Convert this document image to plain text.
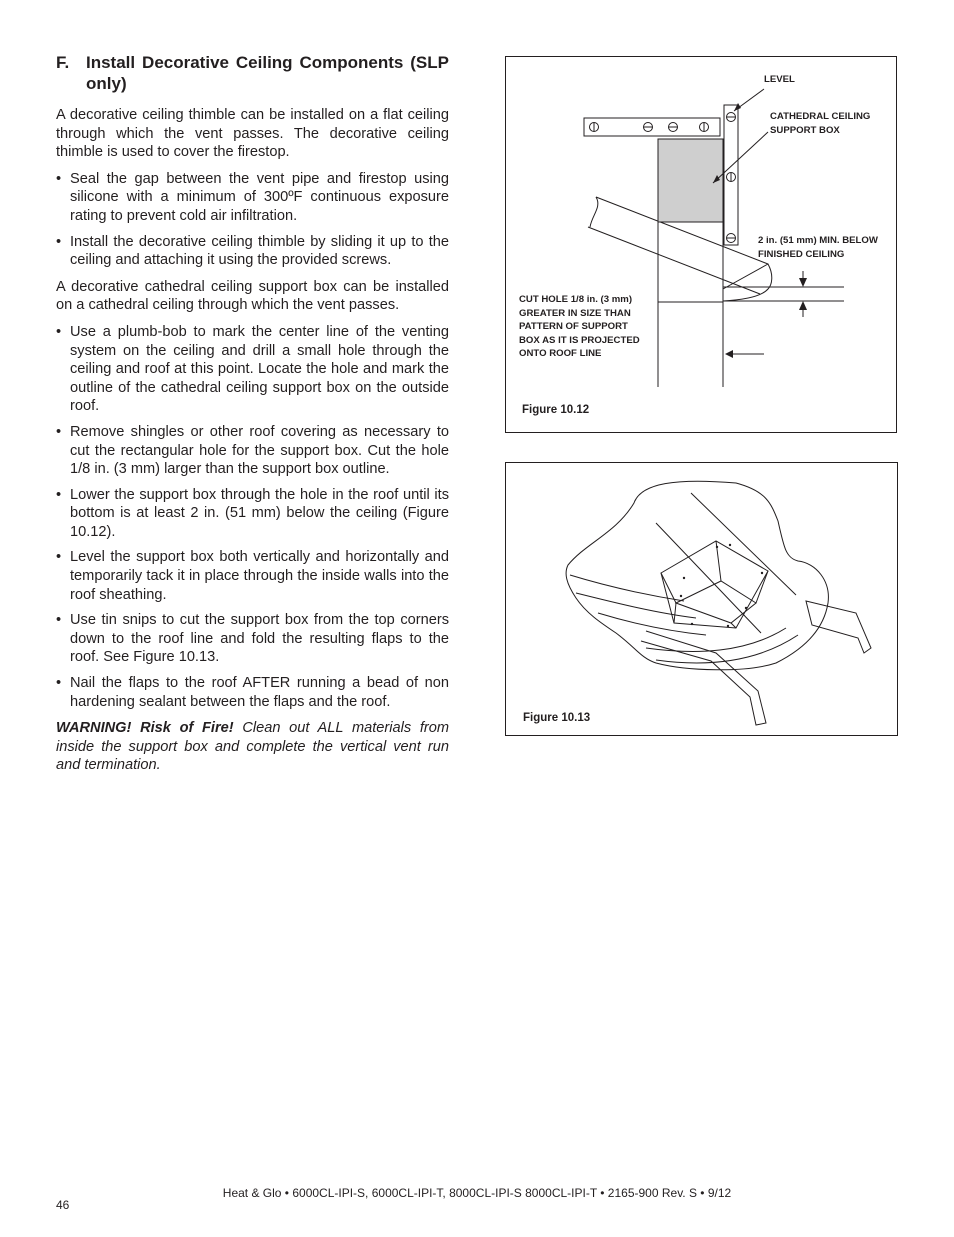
F. Install Decorative Ceiling Components (SLP only)

A decorative ceiling thimble can be installed on a flat ceiling through which the vent passes. The decorative ceiling thimble is used to cover the firestop.

• Seal the gap between the vent pipe and firestop using silicone with a minimum of 300ºF continuous exposure rating to prevent cold air infiltration.
• Install the decorative ceiling thimble by sliding it up to the ceiling and attaching it using the provided screws.

A decorative cathedral ceiling support box can be installed on a cathedral ceiling through which the vent passes.

• Use a plumb-bob to mark the center line of the venting system on the ceiling and drill a small hole through the ceiling and roof at this point. Locate the hole and mark the outline of the cathedral ceiling support box on the outside roof.
• Remove shingles or other roof covering as necessary to cut the rectangular hole for the support box. Cut the hole 1/8 in. (3 mm) larger than the support box outline.
• Lower the support box through the hole in the roof until its bottom is at least 2 in. (51 mm) below the ceiling (Figure 10.12).
• Level the support box both vertically and horizontally and temporarily tack it in place through the inside walls into the roof sheathing.
• Use tin snips to cut the support box from the top corners down to the roof line and fold the resulting flaps to the roof. See Figure 10.13.
• Nail the flaps to the roof AFTER running a bead of non hardening sealant between the flaps and the roof.
WARNING! Risk of Fire! Clean out ALL materials from inside the support box and complete the vertical vent run and termination.
LEVEL
CATHEDRAL CEILING
SUPPORT BOX
2 in. (51 mm) MIN. BELOW
FINISHED CEILING
CUT HOLE 1/8 in. (3 mm)
GREATER IN SIZE THAN
PATTERN OF SUPPORT
BOX AS IT IS PROJECTED
ONTO ROOF LINE
Figure 10.12
Figure 10.13
Heat & Glo • 6000CL-IPI-S, 6000CL-IPI-T, 8000CL-IPI-S 8000CL-IPI-T • 2165-900 Rev. S • 9/12
46
